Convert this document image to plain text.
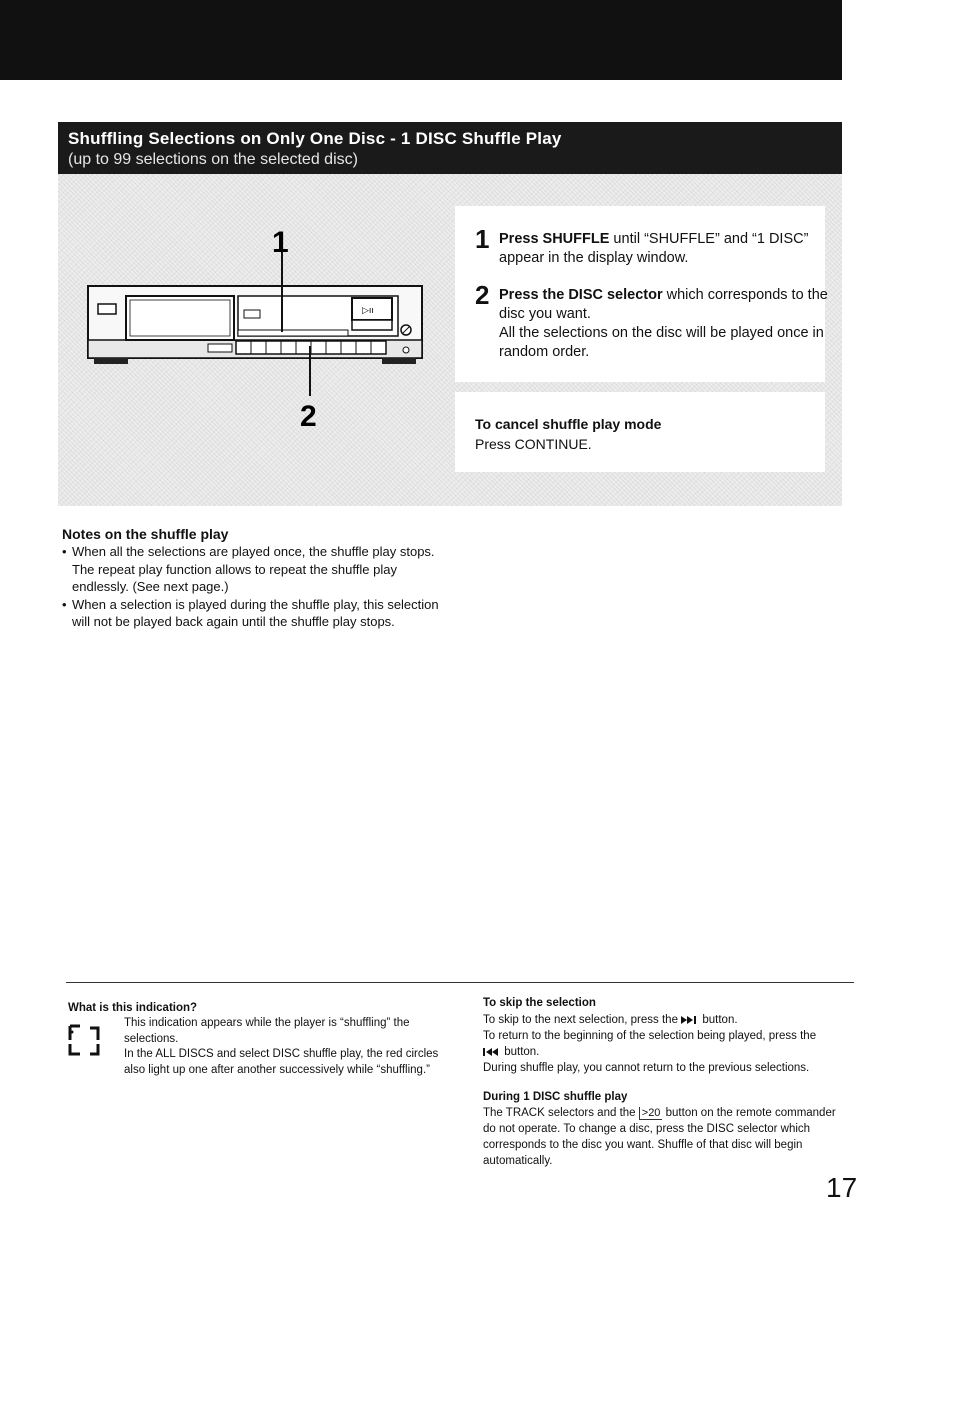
Shuffling Selections on Only One Disc - 1 DISC Shuffle Play
(up to 99 selections on the selected disc)
▷ıı
1
2
1 Press SHUFFLE until “SHUFFLE” and “1 DISC” appear in the display window.
2 Press the DISC selector which corresponds to the disc you want.
All the selections on the disc will be played once in random order.
To cancel shuffle play mode
Press CONTINUE.
Notes on the shuffle play
• When all the selections are played once, the shuffle play stops. The repeat play function allows to repeat the shuffle play endlessly. (See next page.)
• When a selection is played during the shuffle play, this selection will not be played back again until the shuffle play stops.
What is this indication?
This indication appears while the player is “shuffling” the selections.
In the ALL DISCS and select DISC shuffle play, the red circles also light up one after another successively while “shuffling.”
To skip the selection
To skip to the next selection, press the button.
To return to the beginning of the selection being played, press the
button.
During shuffle play, you cannot return to the previous selections.
During 1 DISC shuffle play
The TRACK selectors and the >20 button on the remote commander do not operate. To change a disc, press the DISC selector which corresponds to the disc you want. Shuffle of that disc will begin automatically.
17
